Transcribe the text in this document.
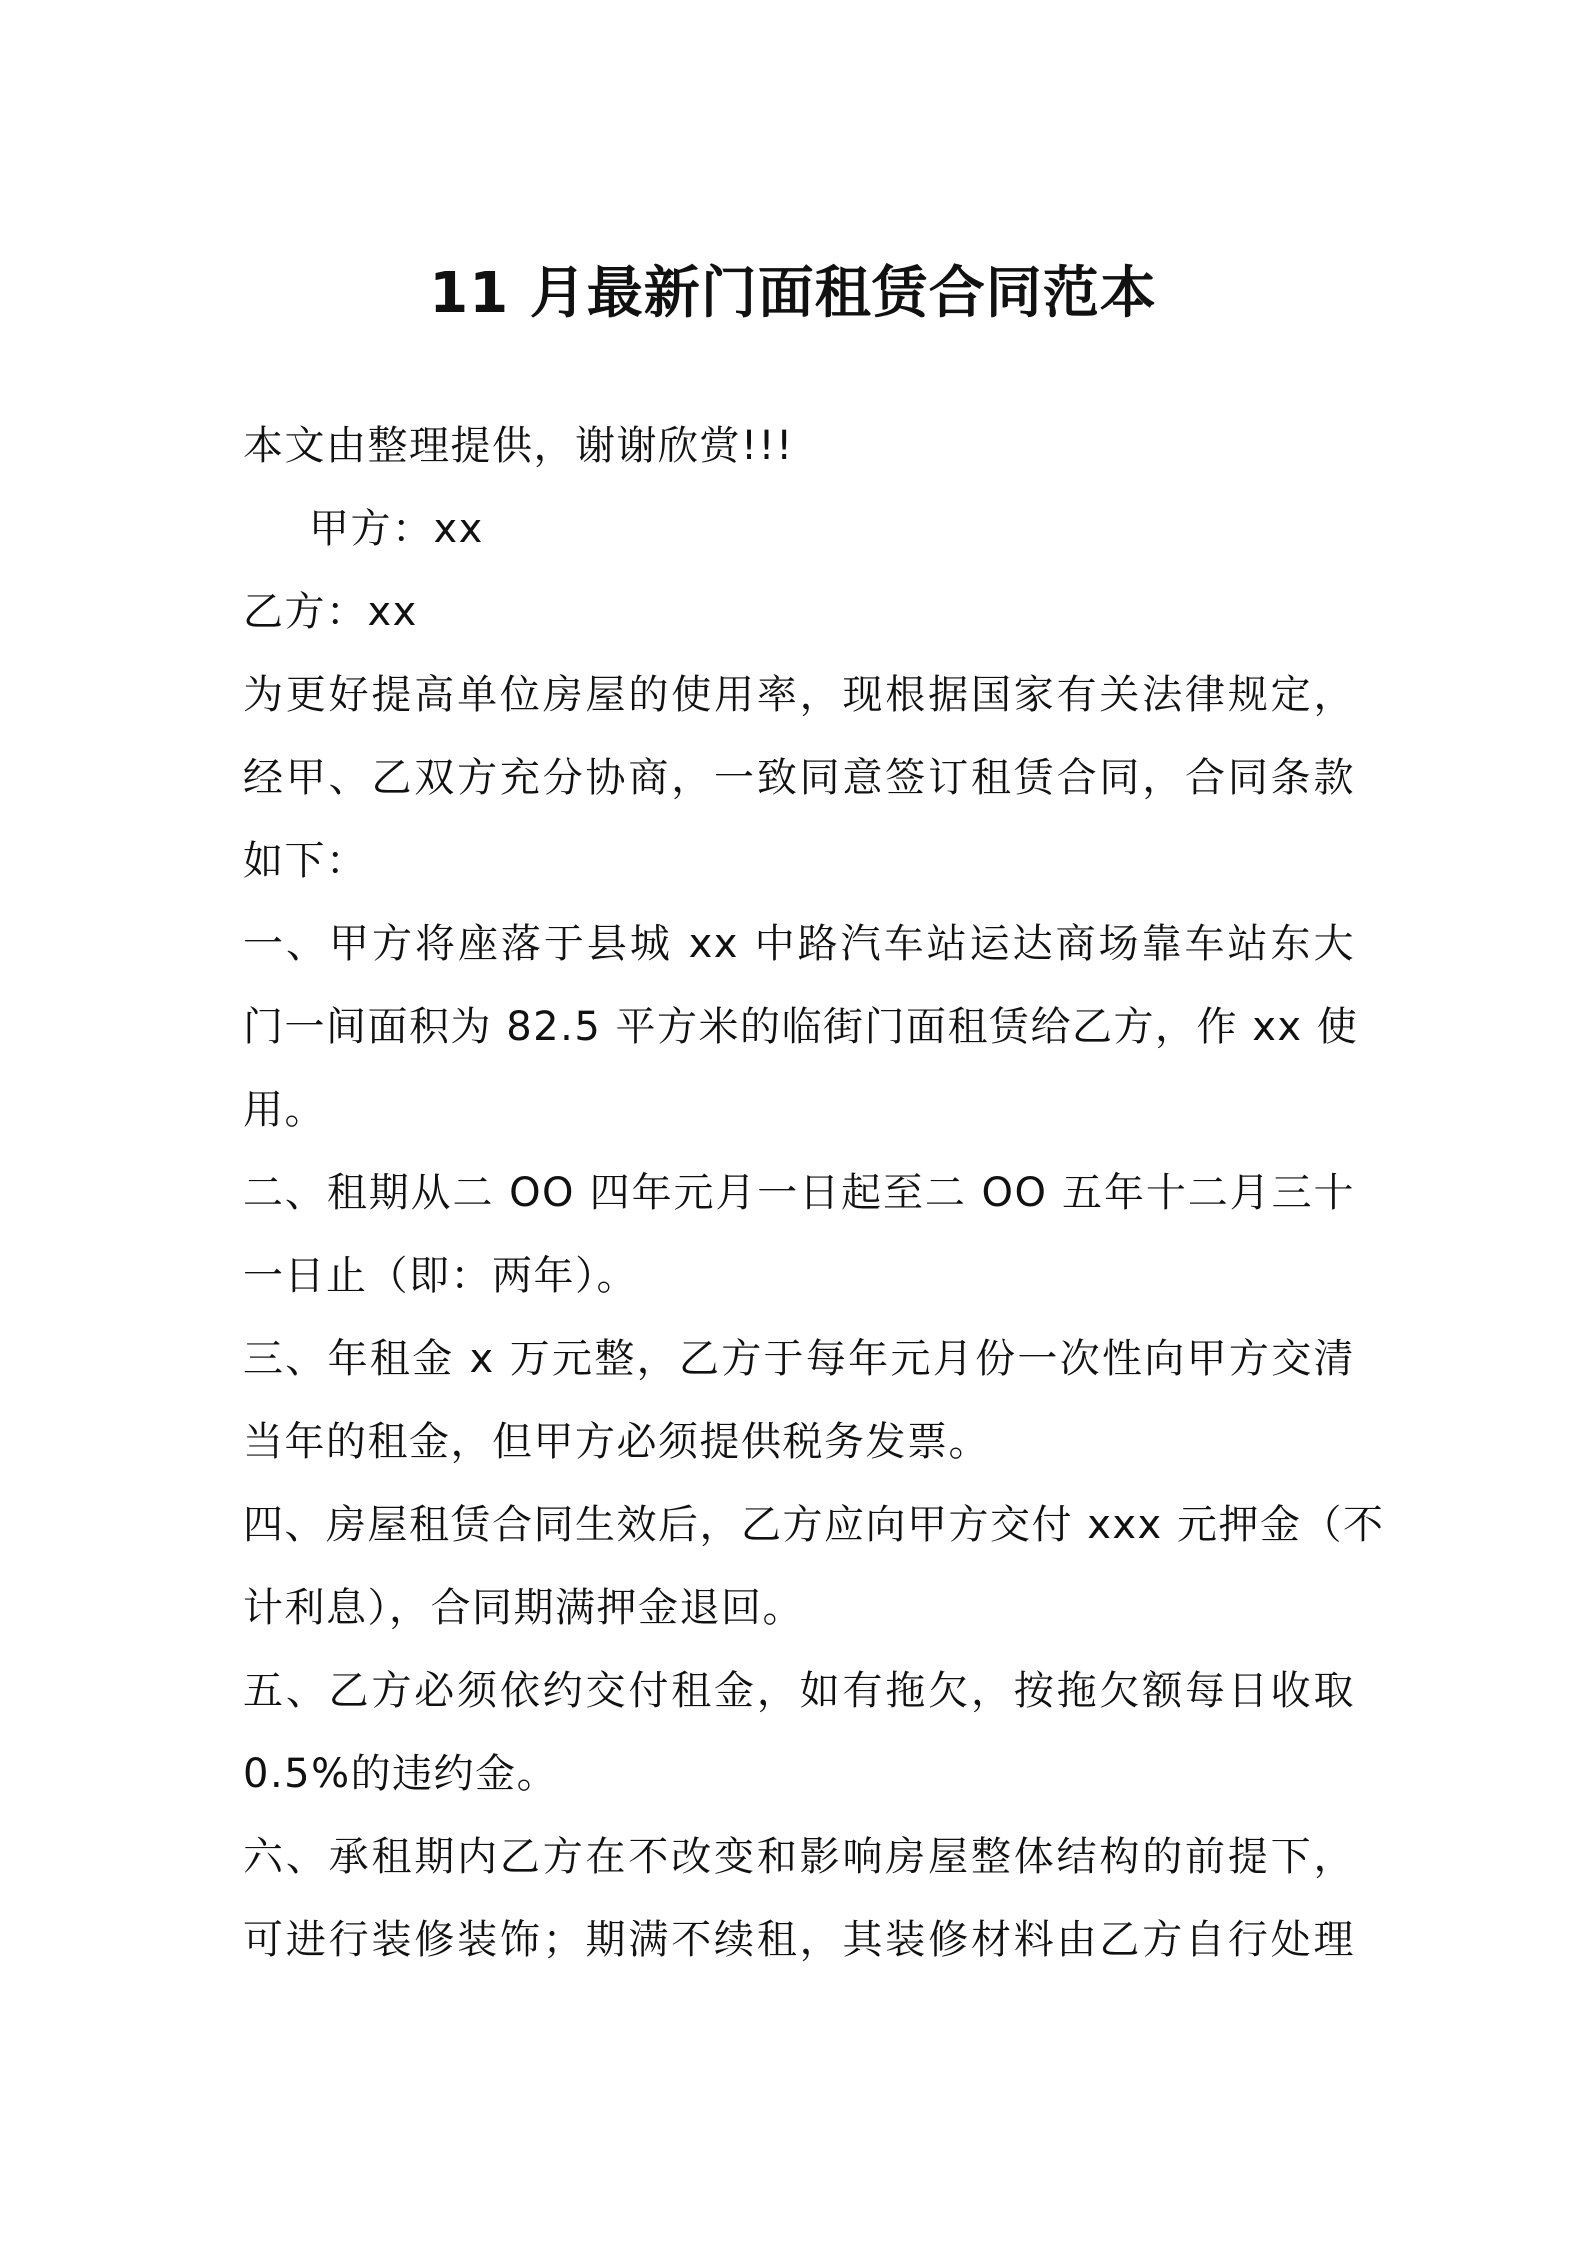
11 月最新门面租赁合同范本
本文由整理提供，谢谢欣赏!!!
甲方：xx
乙方：xx
为更好提高单位房屋的使用率，现根据国家有关法律规定，
经甲、乙双方充分协商，一致同意签订租赁合同，合同条款
如下：
一、甲方将座落于县城 xx 中路汽车站运达商场靠车站东大
门一间面积为 82.5 平方米的临街门面租赁给乙方，作 xx 使
用。
二、租期从二 OO 四年元月一日起至二 OO 五年十二月三十
一日止（即：两年）。
三、年租金 x 万元整，乙方于每年元月份一次性向甲方交清
当年的租金，但甲方必须提供税务发票。
四、房屋租赁合同生效后，乙方应向甲方交付 xxx 元押金（不
计利息），合同期满押金退回。
五、乙方必须依约交付租金，如有拖欠，按拖欠额每日收取
0.5%的违约金。
六、承租期内乙方在不改变和影响房屋整体结构的前提下，
可进行装修装饰；期满不续租，其装修材料由乙方自行处理
